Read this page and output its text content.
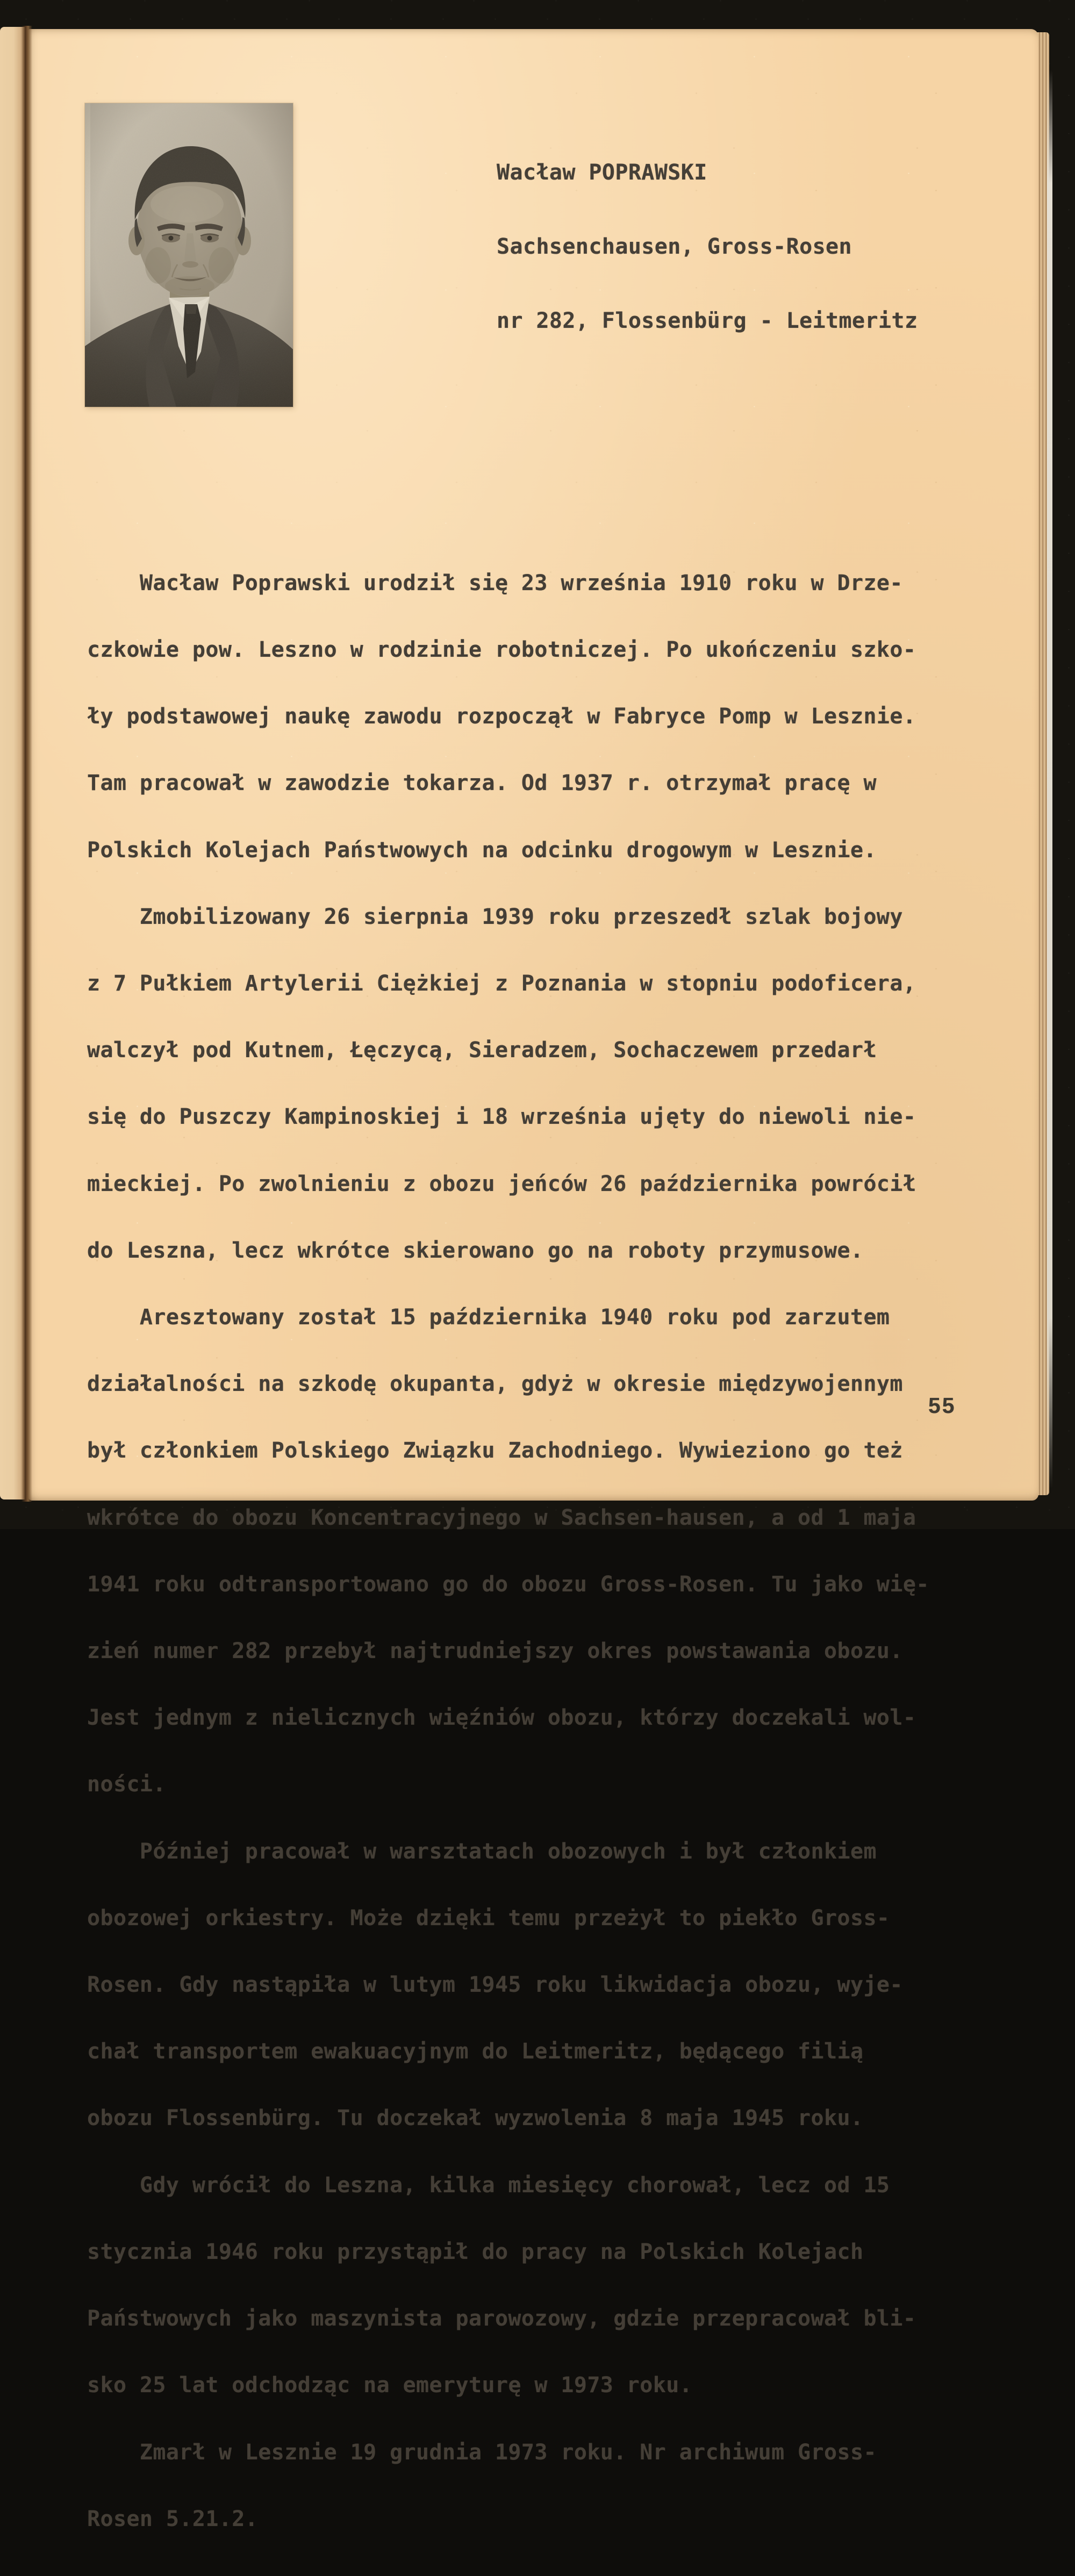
Wacław POPRAWSKI

Sachsenchausen, Gross-Rosen

nr 282, Flossenbürg - Leitmeritz

Wacław Poprawski urodził się 23 września 1910 roku w Drze-

czkowie pow. Leszno w rodzinie robotniczej. Po ukończeniu szko-

ły podstawowej naukę zawodu rozpoczął w Fabryce Pomp w Lesznie.

Tam pracował w zawodzie tokarza. Od 1937 r. otrzymał pracę w

Polskich Kolejach Państwowych na odcinku drogowym w Lesznie.

Zmobilizowany 26 sierpnia 1939 roku przeszedł szlak bojowy

z 7 Pułkiem Artylerii Ciężkiej z Poznania w stopniu podoficera,

walczył pod Kutnem, Łęczycą, Sieradzem, Sochaczewem przedarł

się do Puszczy Kampinoskiej i 18 września ujęty do niewoli nie-

mieckiej. Po zwolnieniu z obozu jeńców 26 października powrócił

do Leszna, lecz wkrótce skierowano go na roboty przymusowe.

Aresztowany został 15 października 1940 roku pod zarzutem

działalności na szkodę okupanta, gdyż w okresie międzywojennym

był członkiem Polskiego Związku Zachodniego. Wywieziono go też

wkrótce do obozu Koncentracyjnego w Sachsen-hausen, a od 1 maja

1941 roku odtransportowano go do obozu Gross-Rosen. Tu jako wię-

zień numer 282 przebył najtrudniejszy okres powstawania obozu.

Jest jednym z nielicznych więźniów obozu, którzy doczekali wol-

ności.

Później pracował w warsztatach obozowych i był członkiem

obozowej orkiestry. Może dzięki temu przeżył to piekło Gross-

Rosen. Gdy nastąpiła w lutym 1945 roku likwidacja obozu, wyje-

chał transportem ewakuacyjnym do Leitmeritz, będącego filią

obozu Flossenbürg. Tu doczekał wyzwolenia 8 maja 1945 roku.

Gdy wrócił do Leszna, kilka miesięcy chorował, lecz od 15

stycznia 1946 roku przystąpił do pracy na Polskich Kolejach

Państwowych jako maszynista parowozowy, gdzie przepracował bli-

sko 25 lat odchodząc na emeryturę w 1973 roku.

Zmarł w Lesznie 19 grudnia 1973 roku. Nr archiwum Gross-

Rosen 5.21.2.

55
